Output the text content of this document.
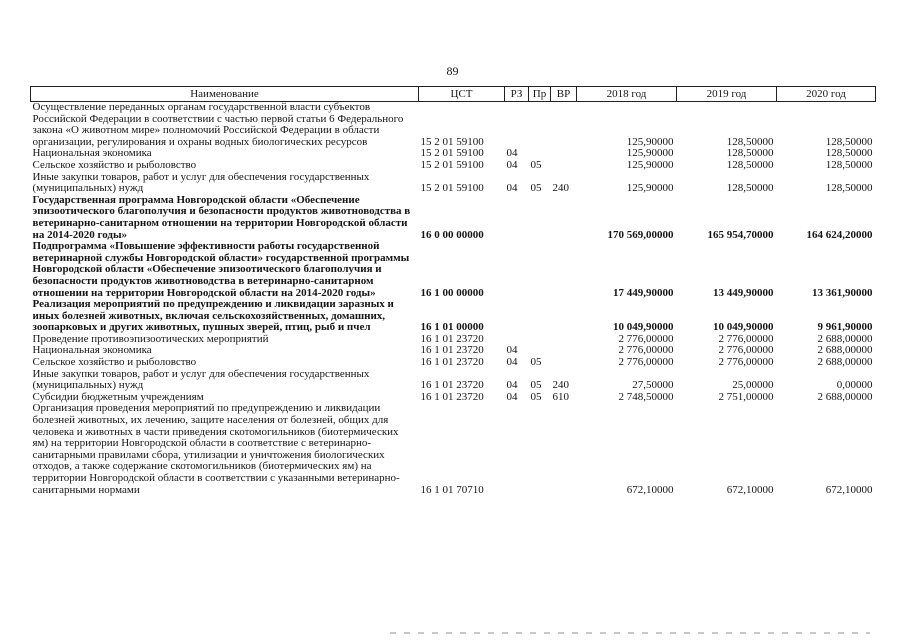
89
Наименование	ЦСТ	РЗ	Пр	ВР	2018 год	2019 год	2020 год
Осуществление переданных органам государственной власти субъектов Российской Федерации в соответствии с частью первой статьи 6 Федерального закона «О животном мире» полномочий Российской Федерации в области организации, регулирования и охраны водных биологических ресурсов	15 2 01 59100				125,90000	128,50000	128,50000
Национальная экономика	15 2 01 59100	04			125,90000	128,50000	128,50000
Сельское хозяйство и рыболовство	15 2 01 59100	04	05		125,90000	128,50000	128,50000
Иные закупки товаров, работ и услуг для обеспечения государственных (муниципальных) нужд	15 2 01 59100	04	05	240	125,90000	128,50000	128,50000
Государственная программа Новгородской области «Обеспечение эпизоотического благополучия и безопасности продуктов животноводства в ветеринарно-санитарном отношении на территории Новгородской области на 2014-2020 годы»	16 0 00 00000				170 569,00000	165 954,70000	164 624,20000
Подпрограмма «Повышение эффективности работы государственной ветеринарной службы Новгородской области» государственной программы Новгородской области «Обеспечение эпизоотического благополучия и безопасности продуктов животноводства в ветеринарно-санитарном отношении на территории Новгородской области на 2014-2020 годы»	16 1 00 00000				17 449,90000	13 449,90000	13 361,90000
Реализация мероприятий по предупреждению и ликвидации заразных и иных болезней животных, включая сельскохозяйственных, домашних, зоопарковых и других животных, пушных зверей, птиц, рыб и пчел	16 1 01 00000				10 049,90000	10 049,90000	9 961,90000
Проведение противоэпизоотических мероприятий	16 1 01 23720				2 776,00000	2 776,00000	2 688,00000
Национальная экономика	16 1 01 23720	04			2 776,00000	2 776,00000	2 688,00000
Сельское хозяйство и рыболовство	16 1 01 23720	04	05		2 776,00000	2 776,00000	2 688,00000
Иные закупки товаров, работ и услуг для обеспечения государственных (муниципальных) нужд	16 1 01 23720	04	05	240	27,50000	25,00000	0,00000
Субсидии бюджетным учреждениям	16 1 01 23720	04	05	610	2 748,50000	2 751,00000	2 688,00000
Организация проведения мероприятий по предупреждению и ликвидации болезней животных, их лечению, защите населения от болезней, общих для человека и животных в части приведения скотомогильников (биотермических ям) на территории Новгородской области в соответствие с ветеринарно-санитарными правилами сбора, утилизации и уничтожения биологических отходов, а также содержание скотомогильников (биотермических ям) на территории Новгородской области в соответствии с указанными ветеринарно-санитарными нормами	16 1 01 70710				672,10000	672,10000	672,10000
